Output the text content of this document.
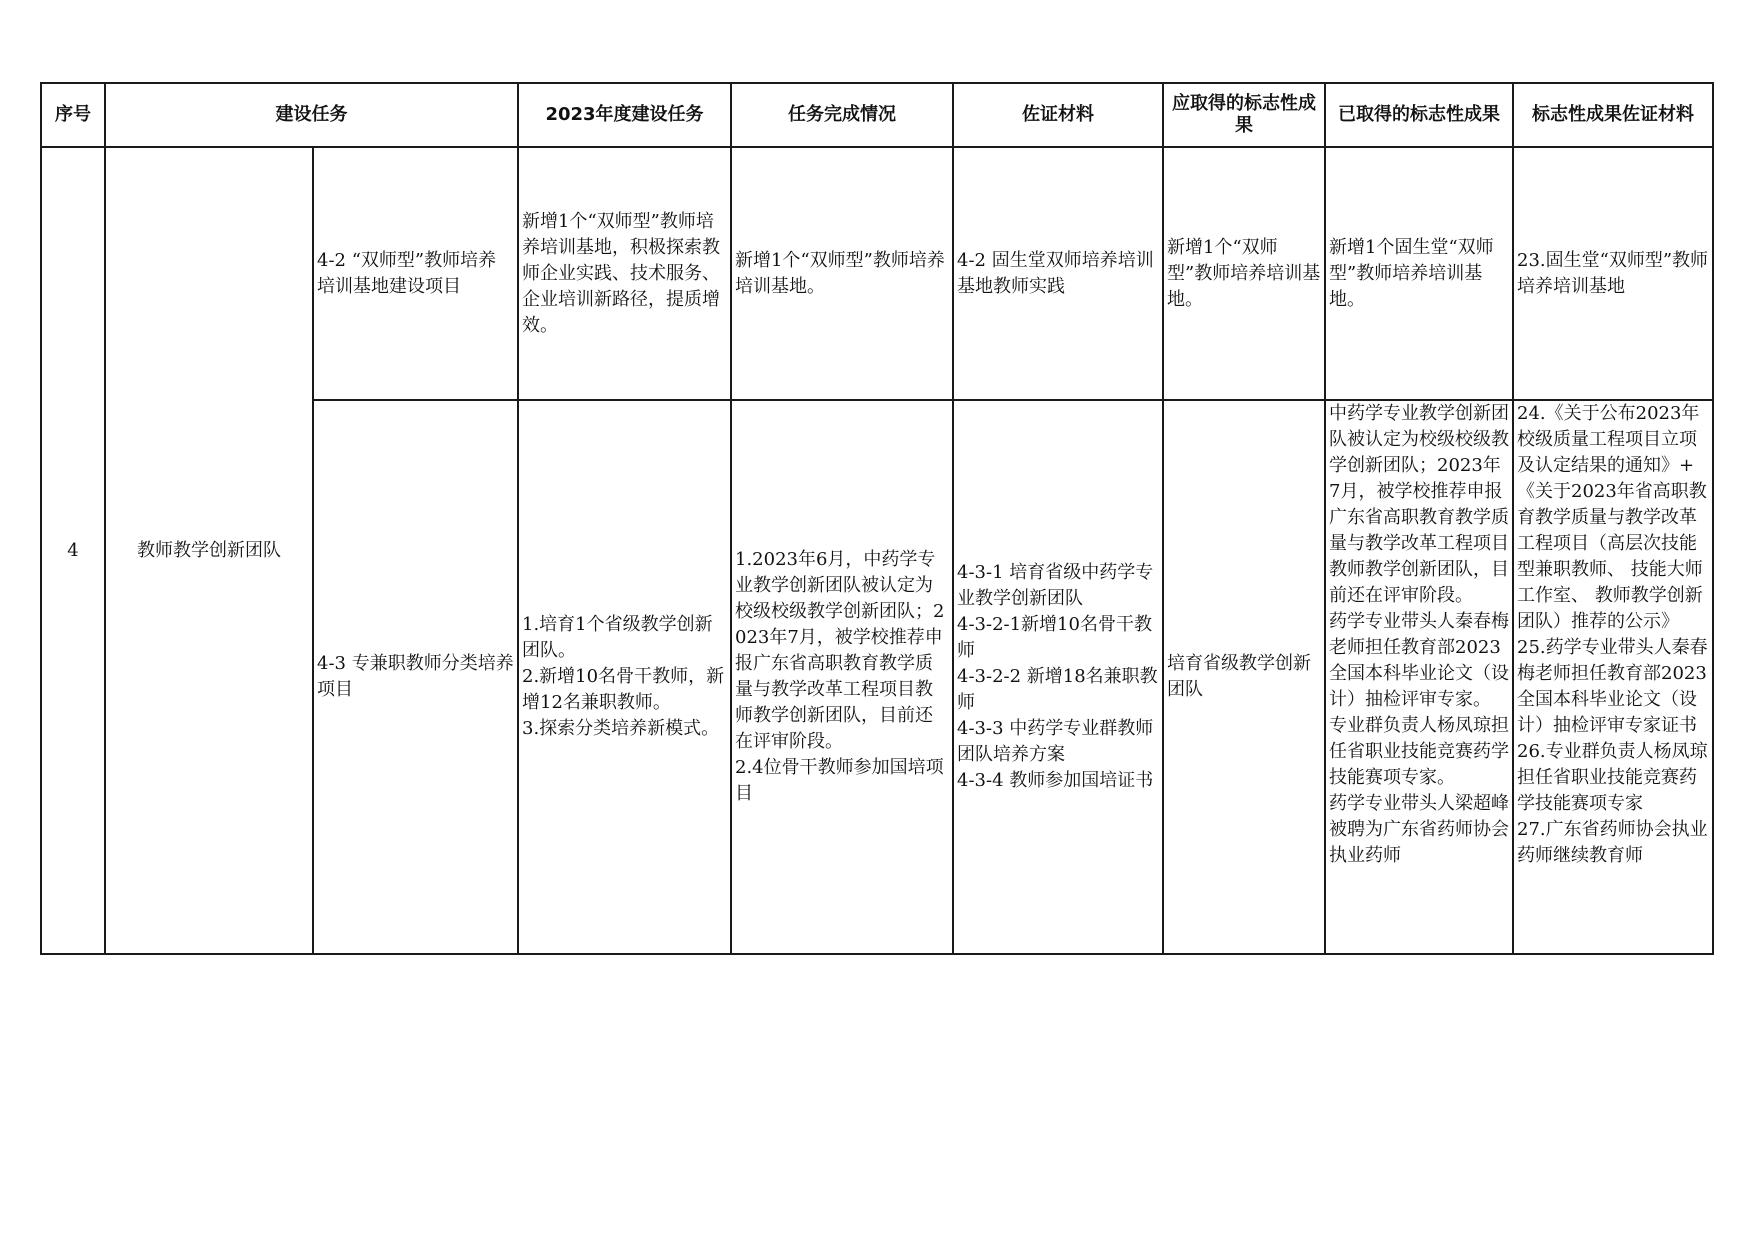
序号	建设任务		2023年度建设任务	任务完成情况	佐证材料	应取得的标志性成果	已取得的标志性成果	标志性成果佐证材料
4	教师教学创新团队	4-2 “双师型”教师培养培训基地建设项目	新增1个“双师型”教师培养培训基地，积极探索教师企业实践、技术服务、企业培训新路径，提质增效。	新增1个“双师型”教师培养培训基地。	4-2 固生堂双师培养培训基地教师实践	新增1个“双师型”教师培养培训基地。	新增1个固生堂“双师型”教师培养培训基地。	23.固生堂“双师型”教师培养培训基地

		4-3 专兼职教师分类培养项目	1.培育1个省级教学创新团队。
2.新增10名骨干教师，新增12名兼职教师。
3.探索分类培养新模式。	1.2023年6月，中药学专业教学创新团队被认定为校级校级教学创新团队；2023年7月，被学校推荐申报广东省高职教育教学质量与教学改革工程项目教师教学创新团队，目前还在评审阶段。
2.4位骨干教师参加国培项目	4-3-1 培育省级中药学专业教学创新团队
4-3-2-1新增10名骨干教师
4-3-2-2 新增18名兼职教师
4-3-3 中药学专业群教师团队培养方案
4-3-4 教师参加国培证书	培育省级教学创新团队	中药学专业教学创新团队被认定为校级校级教学创新团队；2023年7月，被学校推荐申报广东省高职教育教学质量与教学改革工程项目教师教学创新团队，目前还在评审阶段。
药学专业带头人秦春梅老师担任教育部2023全国本科毕业论文（设计）抽检评审专家。
专业群负责人杨凤琼担任省职业技能竞赛药学技能赛项专家。
药学专业带头人梁超峰被聘为广东省药师协会执业药师	24.《关于公布2023年校级质量工程项目立项及认定结果的通知》+《关于2023年省高职教育教学质量与教学改革工程项目（高层次技能型兼职教师、 技能大师工作室、 教师教学创新团队）推荐的公示》
25.药学专业带头人秦春梅老师担任教育部2023全国本科毕业论文（设计）抽检评审专家证书
26.专业群负责人杨凤琼担任省职业技能竞赛药学技能赛项专家
27.广东省药师协会执业药师继续教育师
